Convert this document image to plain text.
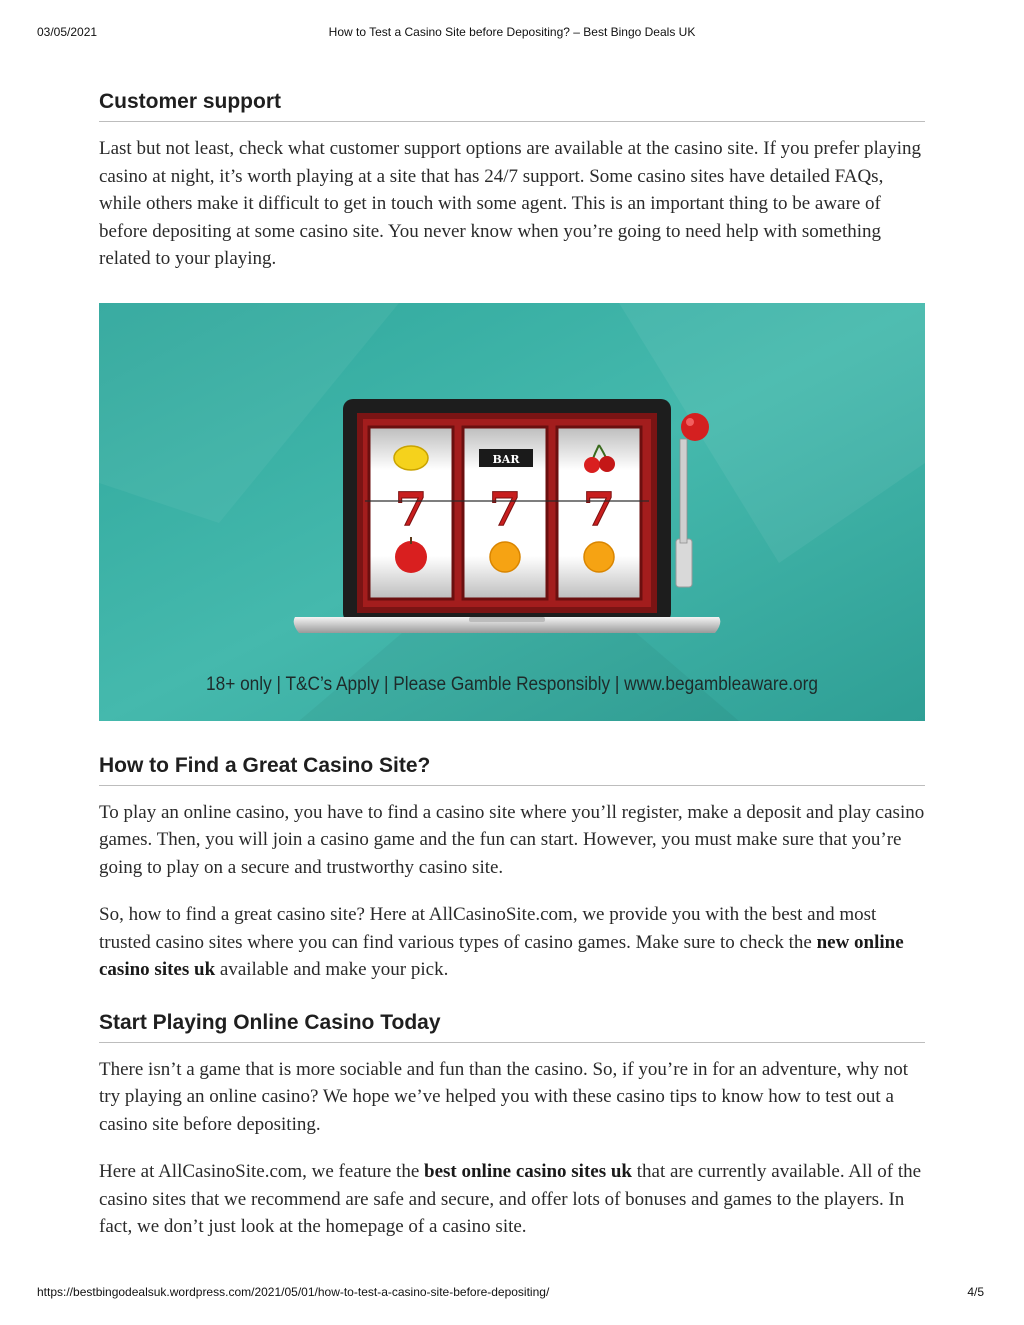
03/05/2021	How to Test a Casino Site before Depositing? – Best Bingo Deals UK
Customer support

Last but not least, check what customer support options are available at the casino site. If you prefer playing casino at night, it’s worth playing at a site that has 24/7 support. Some casino sites have detailed FAQs, while others make it difficult to get in touch with some agent. This is an important thing to be aware of before depositing at some casino site. You never know when you’re going to need help with something related to your playing.

7
BAR
7 7
18+ only | T&C’s Apply | Please Gamble Responsibly | www.begambleaware.org
How to Find a Great Casino Site?

To play an online casino, you have to find a casino site where you’ll register, make a deposit and play casino games. Then, you will join a casino game and the fun can start. However, you must make sure that you’re going to play on a secure and trustworthy casino site.

So, how to find a great casino site? Here at AllCasinoSite.com, we provide you with the best and most trusted casino sites where you can find various types of casino games. Make sure to check the new online casino sites uk available and make your pick.

Start Playing Online Casino Today

There isn’t a game that is more sociable and fun than the casino. So, if you’re in for an adventure, why not try playing an online casino? We hope we’ve helped you with these casino tips to know how to test out a casino site before depositing.

Here at AllCasinoSite.com, we feature the best online casino sites uk that are currently available. All of the casino sites that we recommend are safe and secure, and offer lots of bonuses and games to the players. In fact, we don’t just look at the homepage of a casino site.

https://bestbingodealsuk.wordpress.com/2021/05/01/how-to-test-a-casino-site-before-depositing/	4/5
